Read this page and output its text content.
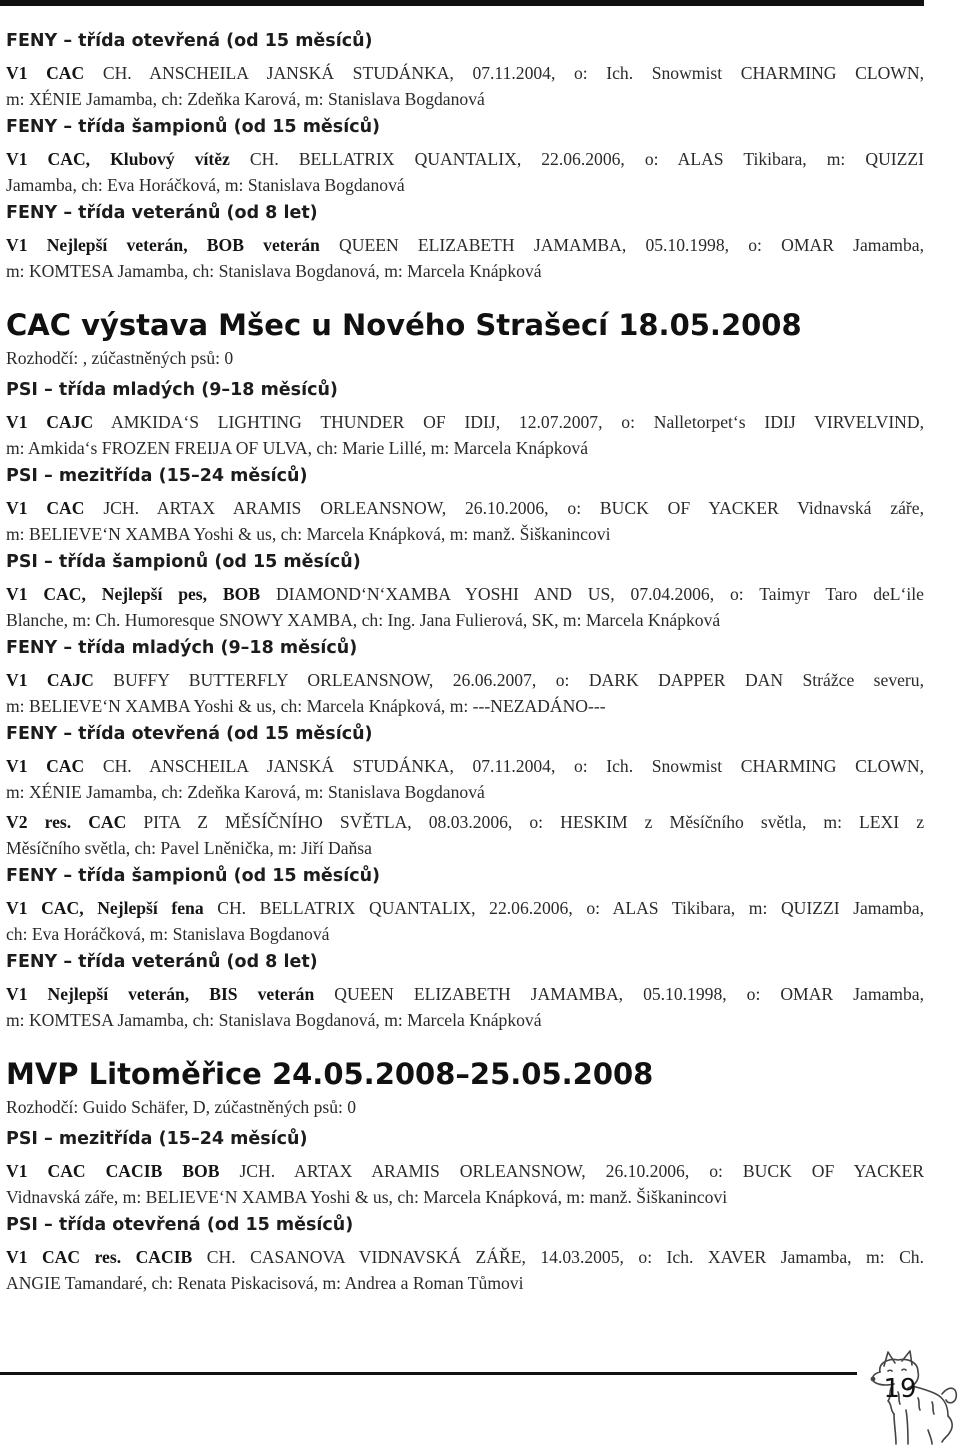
FENY – třída otevřená (od 15 měsíců)
V1 CAC CH. ANSCHEILA JANSKÁ STUDÁNKA, 07.11.2004, o: Ich. Snowmist CHARMING CLOWN,
m: XÉNIE Jamamba, ch: Zdeňka Karová, m: Stanislava Bogdanová
FENY – třída šampionů (od 15 měsíců)
V1 CAC, Klubový vítěz CH. BELLATRIX QUANTALIX, 22.06.2006, o: ALAS Tikibara, m: QUIZZI
Jamamba, ch: Eva Horáčková, m: Stanislava Bogdanová
FENY – třída veteránů (od 8 let)
V1 Nejlepší veterán, BOB veterán QUEEN ELIZABETH JAMAMBA, 05.10.1998, o: OMAR Jamamba,
m: KOMTESA Jamamba, ch: Stanislava Bogdanová, m: Marcela Knápková
CAC výstava Mšec u Nového Strašecí 18.05.2008
Rozhodčí: , zúčastněných psů: 0
PSI – třída mladých (9–18 měsíců)
V1 CAJC AMKIDA‘S LIGHTING THUNDER OF IDIJ, 12.07.2007, o: Nalletorpet‘s IDIJ VIRVELVIND,
m: Amkida‘s FROZEN FREIJA OF ULVA, ch: Marie Lillé, m: Marcela Knápková
PSI – mezitřída (15–24 měsíců)
V1 CAC JCH. ARTAX ARAMIS ORLEANSNOW, 26.10.2006, o: BUCK OF YACKER Vidnavská záře,
m: BELIEVE‘N XAMBA Yoshi & us, ch: Marcela Knápková, m: manž. Šiškanincovi
PSI – třída šampionů (od 15 měsíců)
V1 CAC, Nejlepší pes, BOB DIAMOND‘N‘XAMBA YOSHI AND US, 07.04.2006, o: Taimyr Taro deL‘ile
Blanche, m: Ch. Humoresque SNOWY XAMBA, ch: Ing. Jana Fulierová, SK, m: Marcela Knápková
FENY – třída mladých (9–18 měsíců)
V1 CAJC BUFFY BUTTERFLY ORLEANSNOW, 26.06.2007, o: DARK DAPPER DAN Strážce severu,
m: BELIEVE‘N XAMBA Yoshi & us, ch: Marcela Knápková, m: ---NEZADÁNO---
FENY – třída otevřená (od 15 měsíců)
V1 CAC CH. ANSCHEILA JANSKÁ STUDÁNKA, 07.11.2004, o: Ich. Snowmist CHARMING CLOWN,
m: XÉNIE Jamamba, ch: Zdeňka Karová, m: Stanislava Bogdanová
V2 res. CAC PITA Z MĚSÍČNÍHO SVĚTLA, 08.03.2006, o: HESKIM z Měsíčního světla, m: LEXI z
Měsíčního světla, ch: Pavel Lněnička, m: Jiří Daňsa
FENY – třída šampionů (od 15 měsíců)
V1 CAC, Nejlepší fena CH. BELLATRIX QUANTALIX, 22.06.2006, o: ALAS Tikibara, m: QUIZZI Jamamba,
ch: Eva Horáčková, m: Stanislava Bogdanová
FENY – třída veteránů (od 8 let)
V1 Nejlepší veterán, BIS veterán QUEEN ELIZABETH JAMAMBA, 05.10.1998, o: OMAR Jamamba,
m: KOMTESA Jamamba, ch: Stanislava Bogdanová, m: Marcela Knápková
MVP Litoměřice 24.05.2008–25.05.2008
Rozhodčí: Guido Schäfer, D, zúčastněných psů: 0
PSI – mezitřída (15–24 měsíců)
V1 CAC CACIB BOB JCH. ARTAX ARAMIS ORLEANSNOW, 26.10.2006, o: BUCK OF YACKER
Vidnavská záře, m: BELIEVE‘N XAMBA Yoshi & us, ch: Marcela Knápková, m: manž. Šiškanincovi
PSI – třída otevřená (od 15 měsíců)
V1 CAC res. CACIB CH. CASANOVA VIDNAVSKÁ ZÁŘE, 14.03.2005, o: Ich. XAVER Jamamba, m: Ch.
ANGIE Tamandaré, ch: Renata Piskacisová, m: Andrea a Roman Tůmovi
19
